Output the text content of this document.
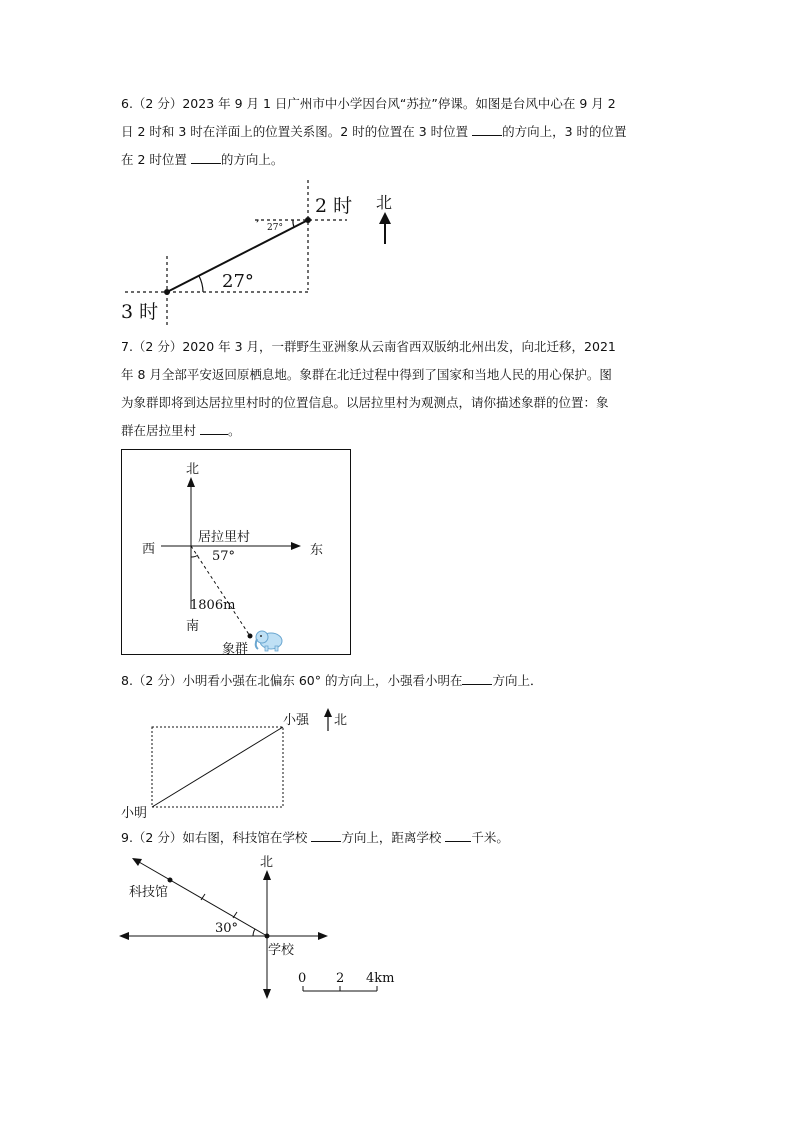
6.（2 分）2023 年 9 月 1 日广州市中小学因台风“苏拉”停课。如图是台风中心在 9 月 2
日 2 时和 3 时在洋面上的位置关系图。2 时的位置在 3 时位置	的方向上，3 时的位置
在 2 时位置	的方向上。
27°
27°
2 时
3 时
,
北
7.（2 分）2020 年 3 月，一群野生亚洲象从云南省西双版纳北州出发，向北迁移，2021
年 8 月全部平安返回原栖息地。象群在北迁过程中得到了国家和当地人民的用心保护。图
为象群即将到达居拉里村时的位置信息。以居拉里村为观测点，请你描述象群的位置：象
群在居拉里村	。
北
西	东
居拉里村
57°
1806m
南
象群
8.（2 分）小明看小强在北偏东 60° 的方向上，小强看小明在 方向上．
小强 北
小明
9.（2 分）如右图，科技馆在学校	方向上，距离学校 千米。
0 2 4km
30°
北
科技馆
学校
